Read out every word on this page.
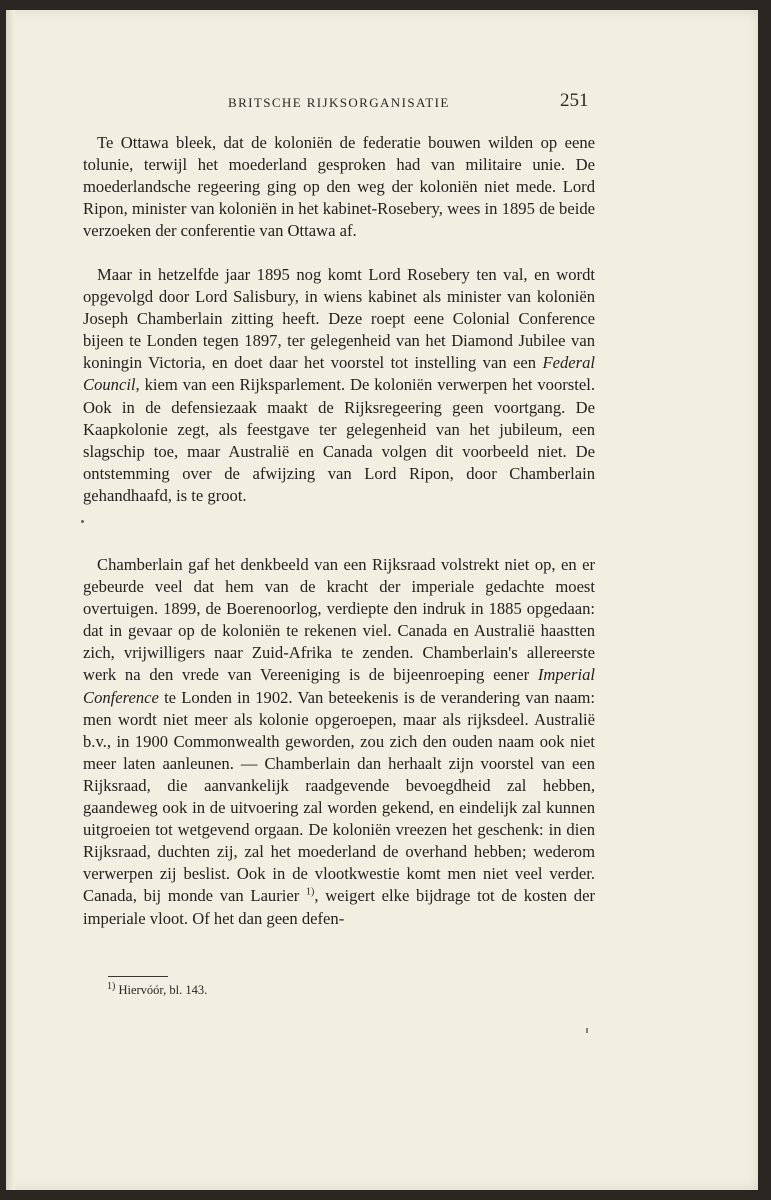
BRITSCHE RIJKSORGANISATIE	251

Te Ottawa bleek, dat de koloniën de federatie bouwen wilden op eene tolunie, terwijl het moederland gesproken had van militaire unie. De moederlandsche regeering ging op den weg der koloniën niet mede. Lord Ripon, minister van koloniën in het kabinet-Rosebery, wees in 1895 de beide verzoeken der conferentie van Ottawa af.

Maar in hetzelfde jaar 1895 nog komt Lord Rosebery ten val, en wordt opgevolgd door Lord Salisbury, in wiens kabinet als minister van koloniën Joseph Chamberlain zitting heeft. Deze roept eene Colonial Conference bijeen te Londen tegen 1897, ter gelegenheid van het Diamond Jubilee van koningin Victoria, en doet daar het voorstel tot instelling van een Federal Council, kiem van een Rijksparlement. De koloniën verwerpen het voorstel. Ook in de defensiezaak maakt de Rijksregeering geen voortgang. De Kaapkolonie zegt, als feestgave ter gelegenheid van het jubileum, een slagschip toe, maar Australië en Canada volgen dit voorbeeld niet. De ontstemming over de afwijzing van Lord Ripon, door Chamberlain gehandhaafd, is te groot.

Chamberlain gaf het denkbeeld van een Rijksraad volstrekt niet op, en er gebeurde veel dat hem van de kracht der imperiale gedachte moest overtuigen. 1899, de Boerenoorlog, verdiepte den indruk in 1885 opgedaan: dat in gevaar op de koloniën te rekenen viel. Canada en Australië haastten zich, vrijwilligers naar Zuid-Afrika te zenden. Chamberlain's allereerste werk na den vrede van Vereeniging is de bijeenroeping eener Imperial Conference te Londen in 1902. Van beteekenis is de verandering van naam: men wordt niet meer als kolonie opgeroepen, maar als rijksdeel. Australië b.v., in 1900 Commonwealth geworden, zou zich den ouden naam ook niet meer laten aanleunen. — Chamberlain dan herhaalt zijn voorstel van een Rijksraad, die aanvankelijk raadgevende bevoegdheid zal hebben, gaandeweg ook in de uitvoering zal worden gekend, en eindelijk zal kunnen uitgroeien tot wetgevend orgaan. De koloniën vreezen het geschenk: in dien Rijksraad, duchten zij, zal het moederland de overhand hebben; wederom verwerpen zij beslist. Ook in de vlootkwestie komt men niet veel verder. Canada, bij monde van Laurier $^{1)}$, weigert elke bijdrage tot de kosten der imperiale vloot. Of het dan geen defen-

$^{1)}$ Hiervóór, bl. 143.
